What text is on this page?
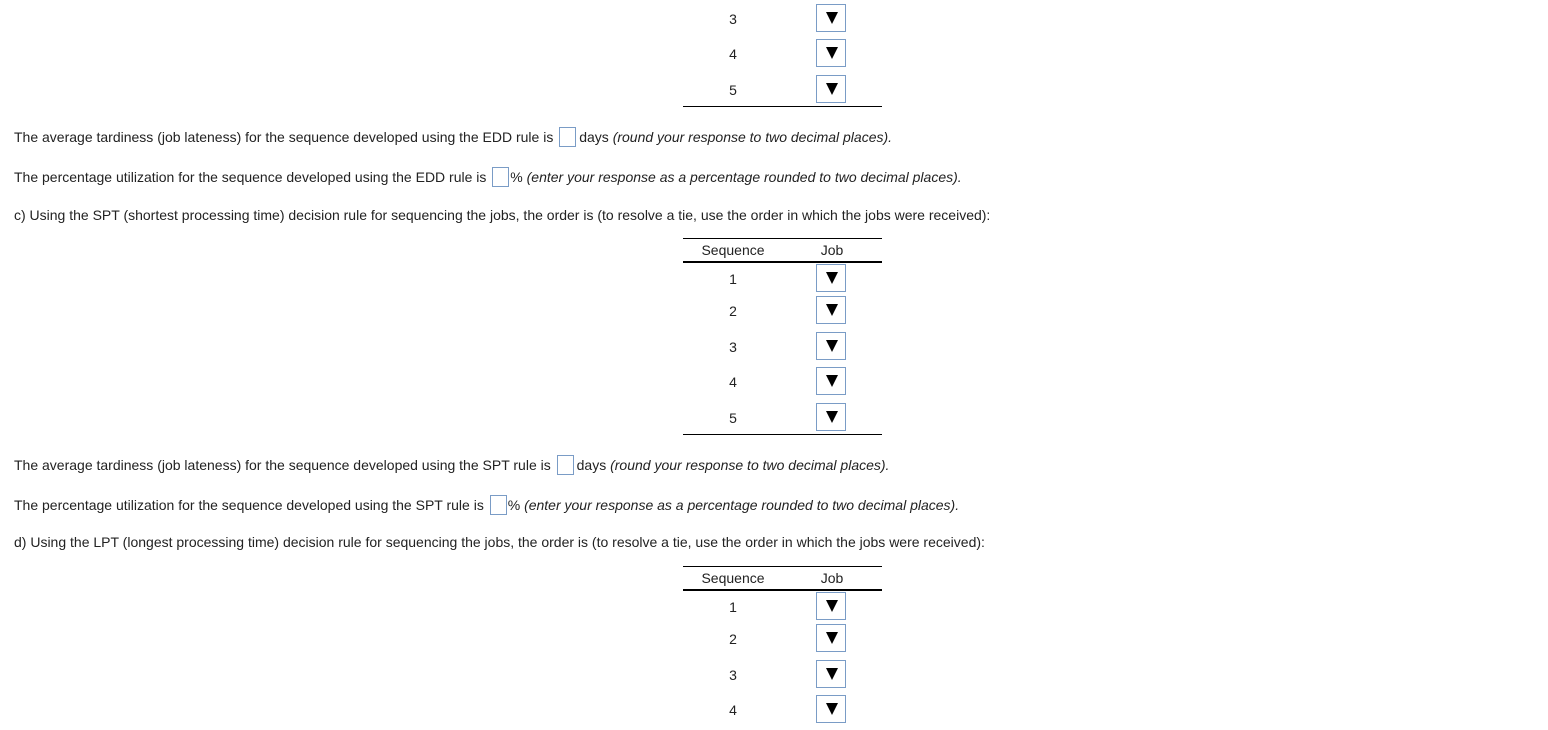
3
4
5
The average tardiness (job lateness) for the sequence developed using the EDD rule is days (round your response to two decimal places).
The percentage utilization for the sequence developed using the EDD rule is % (enter your response as a percentage rounded to two decimal places).
c) Using the SPT (shortest processing time) decision rule for sequencing the jobs, the order is (to resolve a tie, use the order in which the jobs were received):
Sequence	Job
1
2
3
4
5
The average tardiness (job lateness) for the sequence developed using the SPT rule is days (round your response to two decimal places).
The percentage utilization for the sequence developed using the SPT rule is % (enter your response as a percentage rounded to two decimal places).
d) Using the LPT (longest processing time) decision rule for sequencing the jobs, the order is (to resolve a tie, use the order in which the jobs were received):
Sequence	Job
1
2
3
4
